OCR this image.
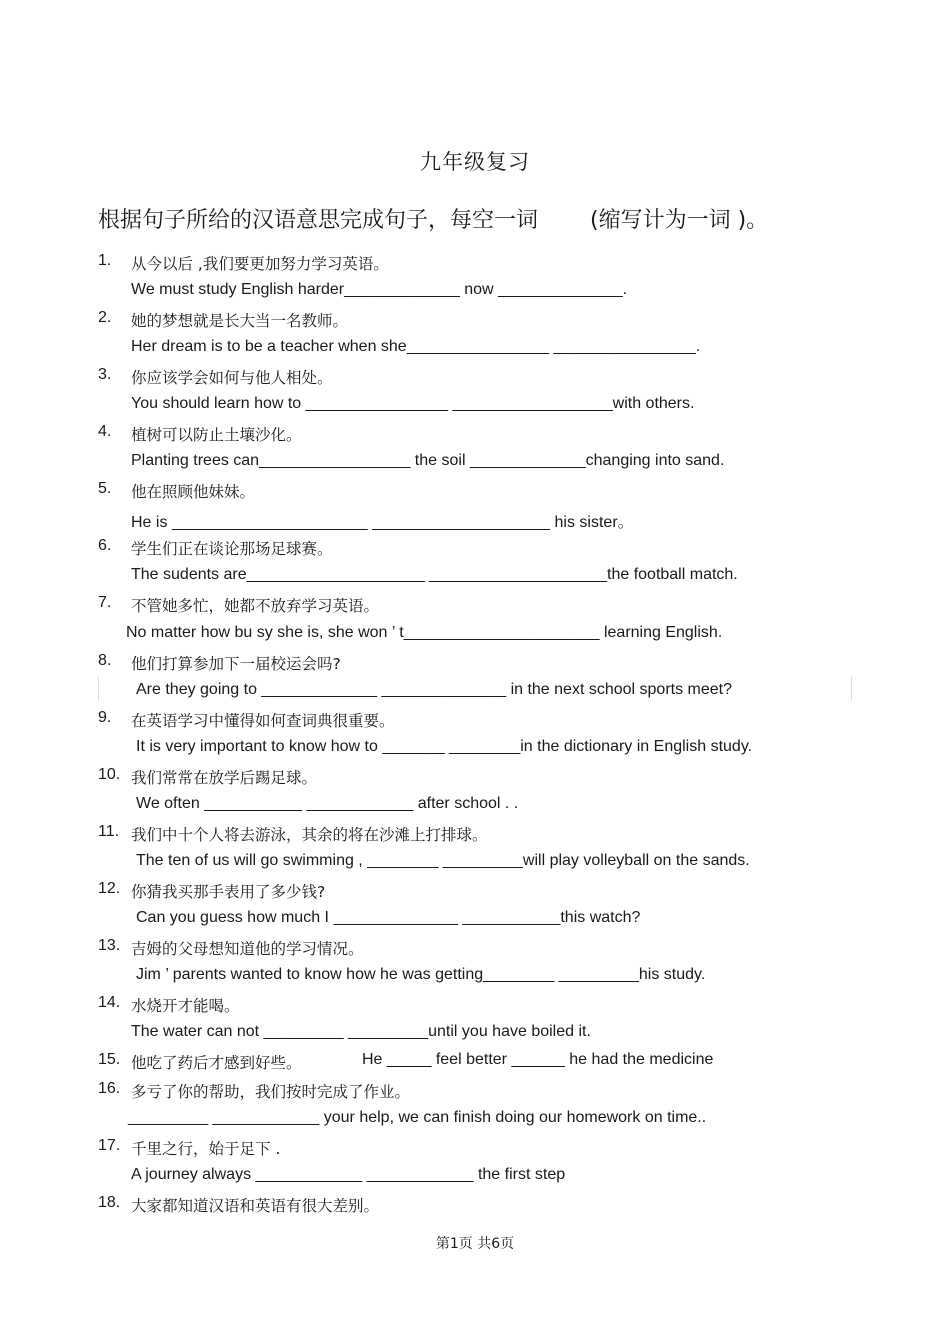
九年级复习
根据句子所给的汉语意思完成句子，每空一词 (缩写计为一词 )。
1. 从今以后 ,我们要更加努力学习英语。
We must study English harder_____________ now ______________.
2. 她的梦想就是长大当一名教师。
Her dream is to be a teacher when she________________ ________________.
3. 你应该学会如何与他人相处。
You should learn how to ________________ __________________with others.
4. 植树可以防止土壤沙化。
Planting trees can_________________ the soil _____________changing into sand.
5. 他在照顾他妹妹。
He is ______________________ ____________________ his sister。
6. 学生们正在谈论那场足球赛。
The sudents are____________________ ____________________the football match.
7. 不管她多忙，她都不放弃学习英语。
No matter how bu sy she is, she won ’ t______________________ learning English.
8. 他们打算参加下一届校运会吗?
Are they going to _____________ ______________ in the next school sports meet?
9. 在英语学习中懂得如何查词典很重要。
It is very important to know how to _______ ________in the dictionary in English study.
10. 我们常常在放学后踢足球。
We often ___________ ____________ after school . .
11. 我们中十个人将去游泳，其余的将在沙滩上打排球。
The ten of us will go swimming , ________ _________will play volleyball on the sands.
12. 你猜我买那手表用了多少钱?
Can you guess how much I ______________ ___________this watch?
13. 吉姆的父母想知道他的学习情况。
Jim ’ parents wanted to know how he was getting________ _________his study.
14. 水烧开才能喝。
The water can not _________ _________until you have boiled it.
15. 他吃了药后才感到好些。	He _____ feel better ______ he had the medicine
16. 多亏了你的帮助，我们按时完成了作业。
_________ ____________ your help, we can finish doing our homework on time..
17. 千里之行，始于足下 .
A journey always ____________ ____________ the first step
18. 大家都知道汉语和英语有很大差别。
第1页 共6页
